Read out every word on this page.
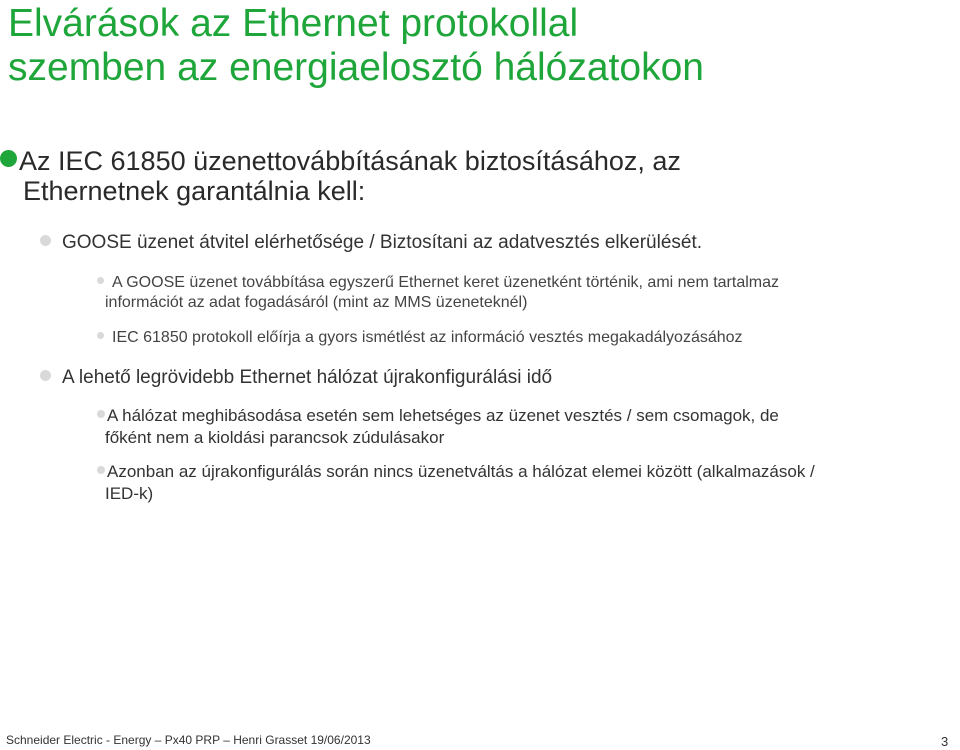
Elvárások az Ethernet protokollal
szemben az energiaelosztó hálózatokon
Az IEC 61850 üzenettovábbításának biztosításához, az
Ethernetnek garantálnia kell:
GOOSE üzenet átvitel elérhetősége / Biztosítani az adatvesztés elkerülését.
A GOOSE üzenet továbbítása egyszerű Ethernet keret üzenetként történik, ami nem tartalmaz
információt az adat fogadásáról (mint az MMS üzeneteknél)
IEC 61850 protokoll előírja a gyors ismétlést az információ vesztés megakadályozásához
A lehető legrövidebb Ethernet hálózat újrakonfigurálási idő
A hálózat meghibásodása esetén sem lehetséges az üzenet vesztés / sem csomagok, de
főként nem a kioldási parancsok zúdulásakor
Azonban az újrakonfigurálás során nincs üzenetváltás a hálózat elemei között (alkalmazások /
IED-k)
Schneider Electric - Energy – Px40 PRP – Henri Grasset 19/06/2013	3
